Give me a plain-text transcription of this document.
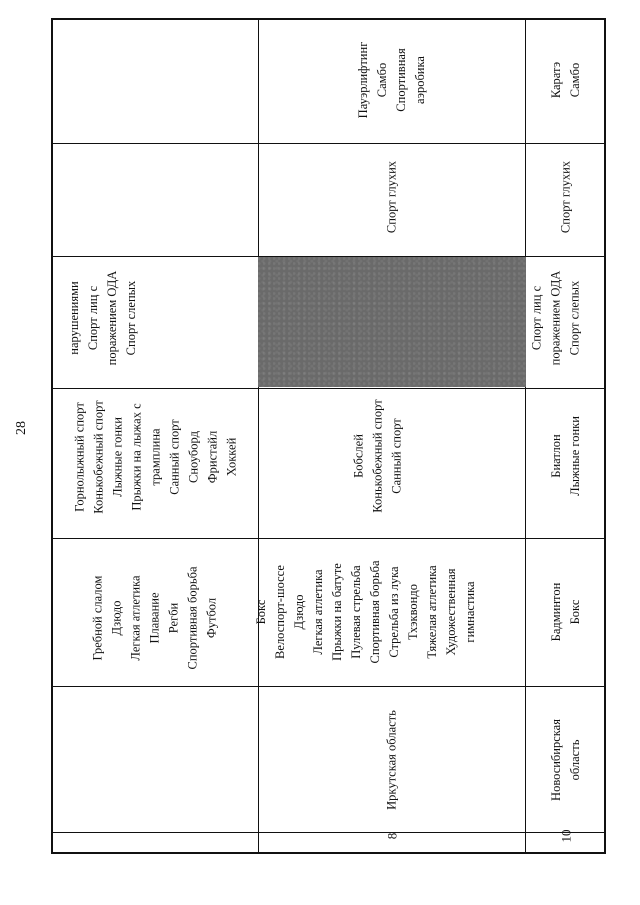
28
Гребной слалом Дзюдо Легкая атлетика Плавание Регби Спортивная борьба Футбол
Горнолыжный спорт Конькобежный спорт Лыжные гонки Прыжки на лыжах с трамплина Санный спорт Сноуборд Фристайл Хоккей
нарушениями Спорт лиц с поражением ОДА Спорт слепых
8
Иркутская область
Бокс Велоспорт-шоссе Дзюдо Легкая атлетика Прыжки на батуте Пулевая стрельба Спортивная борьба Стрельба из лука Тхэквондо Тяжелая атлетика Художественная гимнастика
Бобслей Конькобежный спорт Санный спорт
Спорт глухих
Пауэрлифтинг Самбо Спортивная аэробика
10
Новосибирская область
Бадминтон Бокс
Биатлон Лыжные гонки
Спорт лиц с поражением ОДА Спорт слепых
Спорт глухих
Каратэ Самбо
